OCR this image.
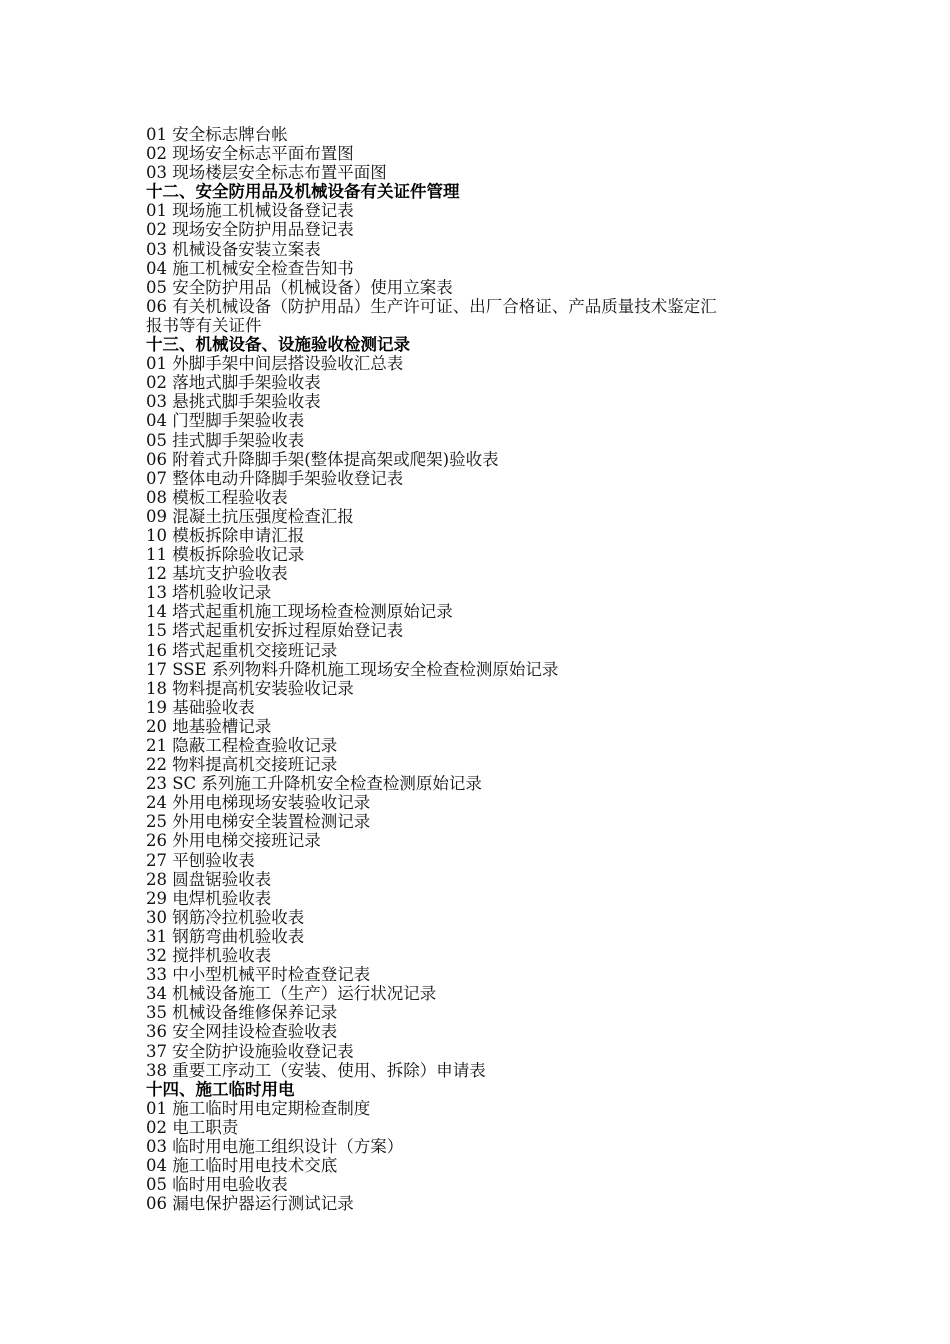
01 安全标志牌台帐
02 现场安全标志平面布置图
03 现场楼层安全标志布置平面图
十二、安全防用品及机械设备有关证件管理
01 现场施工机械设备登记表
02 现场安全防护用品登记表
03 机械设备安装立案表
04 施工机械安全检查告知书
05 安全防护用品（机械设备）使用立案表
06 有关机械设备（防护用品）生产许可证、出厂合格证、产品质量技术鉴定汇
报书等有关证件
十三、机械设备、设施验收检测记录
01 外脚手架中间层搭设验收汇总表
02 落地式脚手架验收表
03 悬挑式脚手架验收表
04 门型脚手架验收表
05 挂式脚手架验收表
06 附着式升降脚手架(整体提高架或爬架)验收表
07 整体电动升降脚手架验收登记表
08 模板工程验收表
09 混凝土抗压强度检查汇报
10 模板拆除申请汇报
11 模板拆除验收记录
12 基坑支护验收表
13 塔机验收记录
14 塔式起重机施工现场检查检测原始记录
15 塔式起重机安拆过程原始登记表
16 塔式起重机交接班记录
17 SSE 系列物料升降机施工现场安全检查检测原始记录
18 物料提高机安装验收记录
19 基础验收表
20 地基验槽记录
21 隐蔽工程检查验收记录
22 物料提高机交接班记录
23 SC 系列施工升降机安全检查检测原始记录
24 外用电梯现场安装验收记录
25 外用电梯安全装置检测记录
26 外用电梯交接班记录
27 平刨验收表
28 圆盘锯验收表
29 电焊机验收表
30 钢筋冷拉机验收表
31 钢筋弯曲机验收表
32 搅拌机验收表
33 中小型机械平时检查登记表
34 机械设备施工（生产）运行状况记录
35 机械设备维修保养记录
36 安全网挂设检查验收表
37 安全防护设施验收登记表
38 重要工序动工（安装、使用、拆除）申请表
十四、施工临时用电
01 施工临时用电定期检查制度
02 电工职责
03 临时用电施工组织设计（方案）
04 施工临时用电技术交底
05 临时用电验收表
06 漏电保护器运行测试记录
